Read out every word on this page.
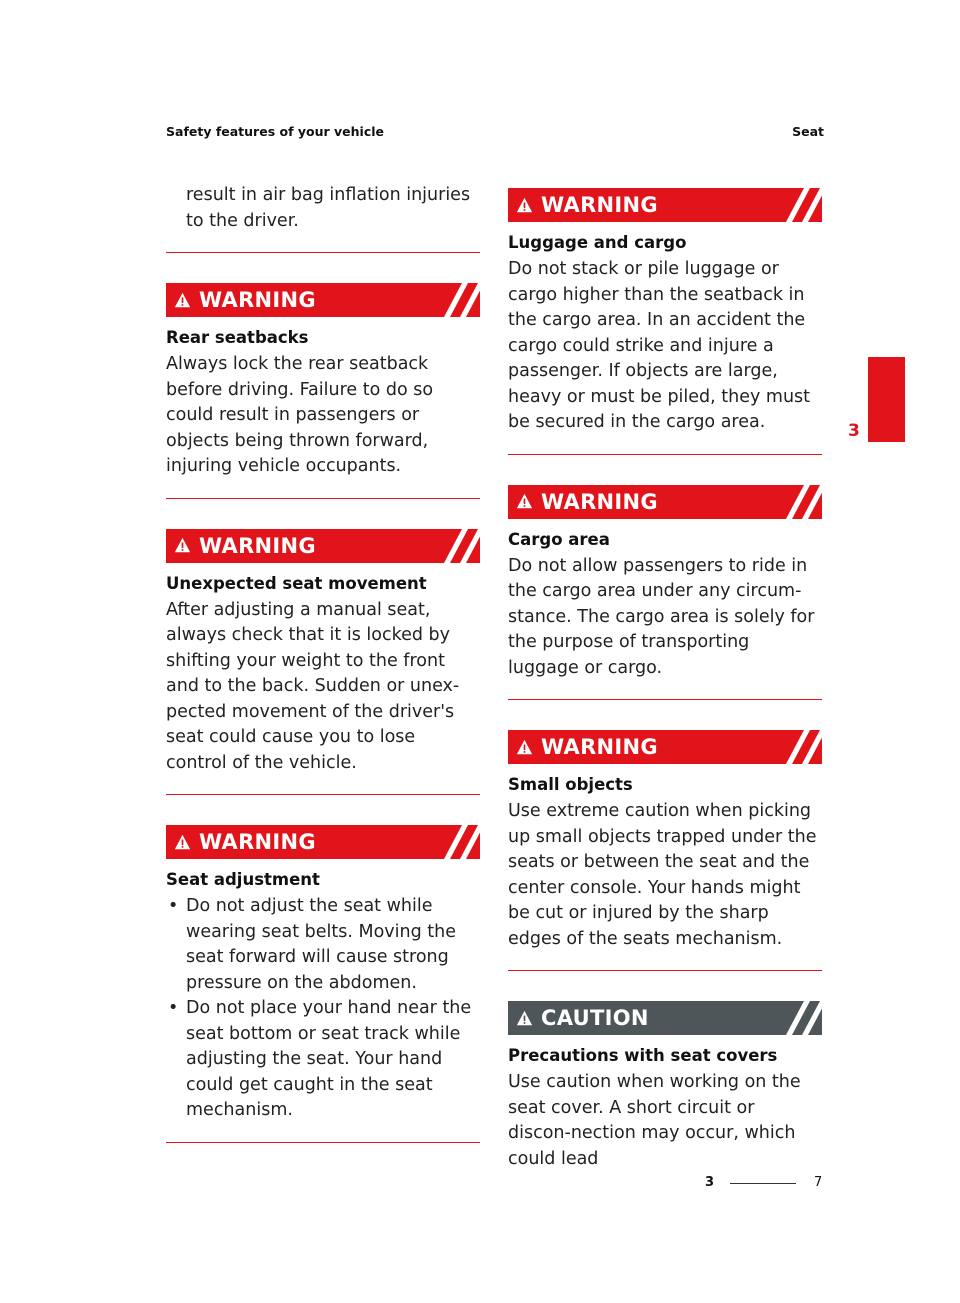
Safety features of your vehicle	Seat

result in air bag inflation injuries to the driver.

WARNING
Rear seatbacks

Always lock the rear seatback before driving. Failure to do so could result in passengers or objects being thrown forward, injuring vehicle occupants.

WARNING
Unexpected seat movement

After adjusting a manual seat, always check that it is locked by shifting your weight to the front and to the back. Sudden or unex-pected movement of the driver's seat could cause you to lose control of the vehicle.

WARNING
Seat adjustment
• Do not adjust the seat while wearing seat belts. Moving the seat forward will cause strong pressure on the abdomen.
• Do not place your hand near the seat bottom or seat track while adjusting the seat. Your hand could get caught in the seat mechanism.
WARNING
Luggage and cargo

Do not stack or pile luggage or cargo higher than the seatback in the cargo area. In an accident the cargo could strike and injure a passenger. If objects are large, heavy or must be piled, they must be secured in the cargo area.

WARNING
Cargo area

Do not allow passengers to ride in the cargo area under any circum-stance. The cargo area is solely for the purpose of transporting luggage or cargo.

WARNING
Small objects

Use extreme caution when picking up small objects trapped under the seats or between the seat and the center console. Your hands might be cut or injured by the sharp edges of the seats mechanism.

CAUTION
Precautions with seat covers

Use caution when working on the seat cover. A short circuit or discon-nection may occur, which could lead

3
3	7
